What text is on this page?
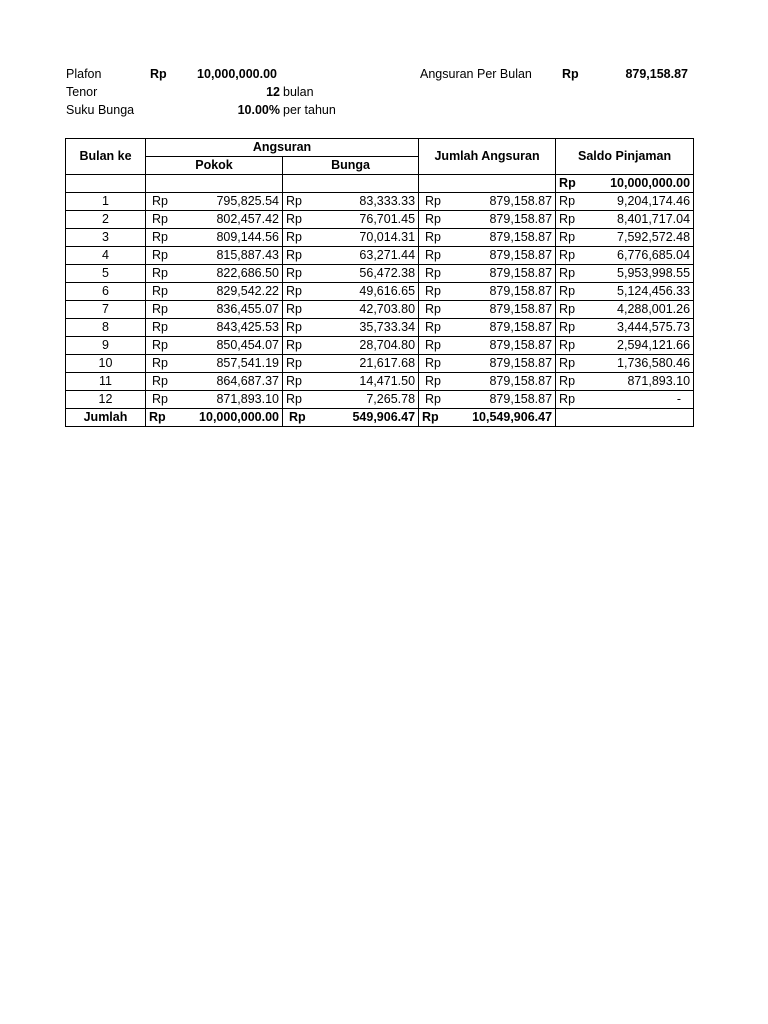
Plafon	Rp	10,000,000.00	Angsuran Per Bulan Rp	879,158.87
Tenor	12 bulan
Suku Bunga	10.00% per tahun
Bulan ke	Angsuran				Jumlah Angsuran		Saldo Pinjaman	
	Pokok		Bunga					
							Rp	10,000,000.00
1	Rp	795,825.54	Rp	83,333.33	Rp	879,158.87	Rp	9,204,174.46
2	Rp	802,457.42	Rp	76,701.45	Rp	879,158.87	Rp	8,401,717.04
3	Rp	809,144.56	Rp	70,014.31	Rp	879,158.87	Rp	7,592,572.48
4	Rp	815,887.43	Rp	63,271.44	Rp	879,158.87	Rp	6,776,685.04
5	Rp	822,686.50	Rp	56,472.38	Rp	879,158.87	Rp	5,953,998.55
6	Rp	829,542.22	Rp	49,616.65	Rp	879,158.87	Rp	5,124,456.33
7	Rp	836,455.07	Rp	42,703.80	Rp	879,158.87	Rp	4,288,001.26
8	Rp	843,425.53	Rp	35,733.34	Rp	879,158.87	Rp	3,444,575.73
9	Rp	850,454.07	Rp	28,704.80	Rp	879,158.87	Rp	2,594,121.66
10	Rp	857,541.19	Rp	21,617.68	Rp	879,158.87	Rp	1,736,580.46
11	Rp	864,687.37	Rp	14,471.50	Rp	879,158.87	Rp	871,893.10
12	Rp	871,893.10	Rp	7,265.78	Rp	879,158.87	Rp	-
Jumlah	Rp	10,000,000.00	Rp	549,906.47	Rp	10,549,906.47		
